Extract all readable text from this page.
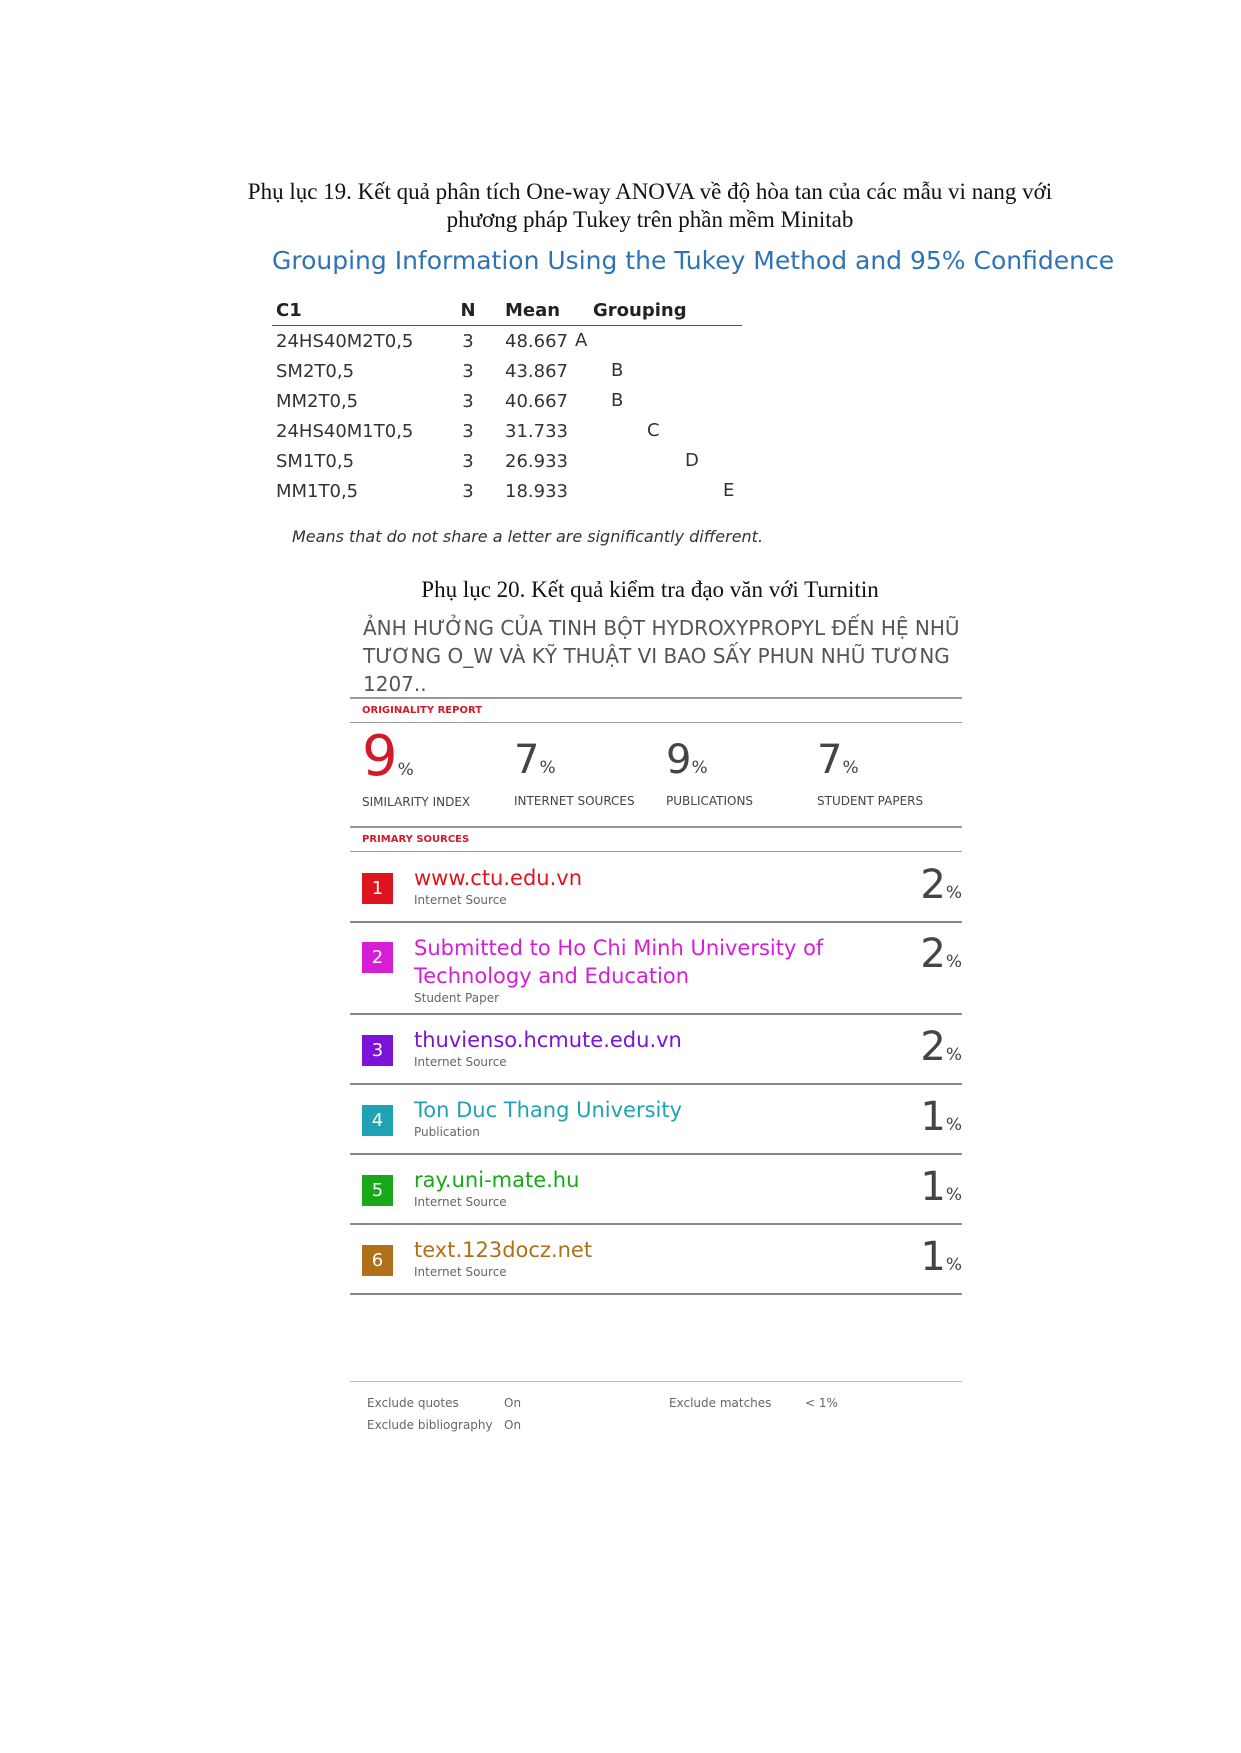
Phụ lục 19. Kết quả phân tích One-way ANOVA về độ hòa tan của các mẫu vi nang với
phương pháp Tukey trên phần mềm Minitab
Grouping Information Using the Tukey Method and 95% Confidence
C1	N	Mean	Grouping
24HS40M2T0,5	3	48.667	A

SM2T0,5	3	43.867	B

MM2T0,5	3	40.667	B

24HS40M1T0,5	3	31.733	C

SM1T0,5	3	26.933	D

MM1T0,5	3	18.933	E
Means that do not share a letter are significantly different.
Phụ lục 20. Kết quả kiểm tra đạo văn với Turnitin
ẢNH HƯỞNG CỦA TINH BỘT HYDROXYPROPYL ĐẾN HỆ NHŨ
TƯƠNG O_W VÀ KỸ THUẬT VI BAO SẤY PHUN NHŨ TƯƠNG
1207..
ORIGINALITY REPORT
9%
SIMILARITY INDEX
7%
INTERNET SOURCES
9%
PUBLICATIONS
7%
STUDENT PAPERS
PRIMARY SOURCES
1	www.ctu.edu.vn
Internet Source	2%
2	Submitted to Ho Chi Minh University of
Technology and Education
Student Paper
2%
3	thuvienso.hcmute.edu.vn
Internet Source	2%
4	Ton Duc Thang University
Publication	1%
5	ray.uni-mate.hu
Internet Source	1%
6	text.123docz.net
Internet Source	1%
Exclude quotes	On
Exclude bibliography On
Exclude matches	< 1%
